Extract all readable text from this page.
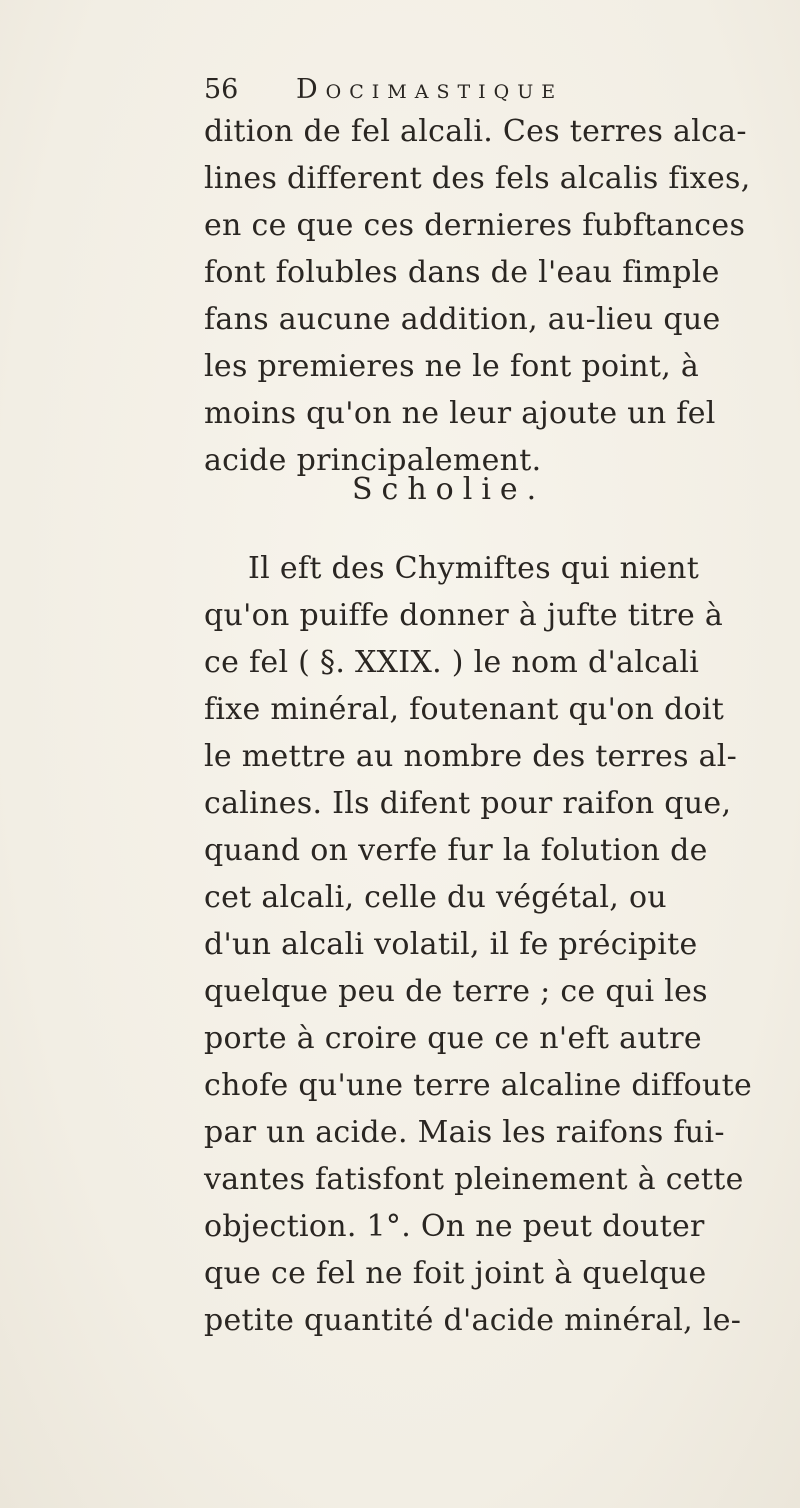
56 Docimastique
dition de fel alcali. Ces terres alca-
lines different des fels alcalis fixes,
en ce que ces dernieres fubftances
font folubles dans de l'eau fimple
fans aucune addition, au-lieu que
les premieres ne le font point, à
moins qu'on ne leur ajoute un fel
acide principalement.
Scholie.
Il eft des Chymiftes qui nient
qu'on puiffe donner à jufte titre à
ce fel ( §. XXIX. ) le nom d'alcali
fixe minéral, foutenant qu'on doit
le mettre au nombre des terres al-
calines. Ils difent pour raifon que,
quand on verfe fur la folution de
cet alcali, celle du végétal, ou
d'un alcali volatil, il fe précipite
quelque peu de terre ; ce qui les
porte à croire que ce n'eft autre
chofe qu'une terre alcaline diffoute
par un acide. Mais les raifons fui-
vantes fatisfont pleinement à cette
objection. 1°. On ne peut douter
que ce fel ne foit joint à quelque
petite quantité d'acide minéral, le-
